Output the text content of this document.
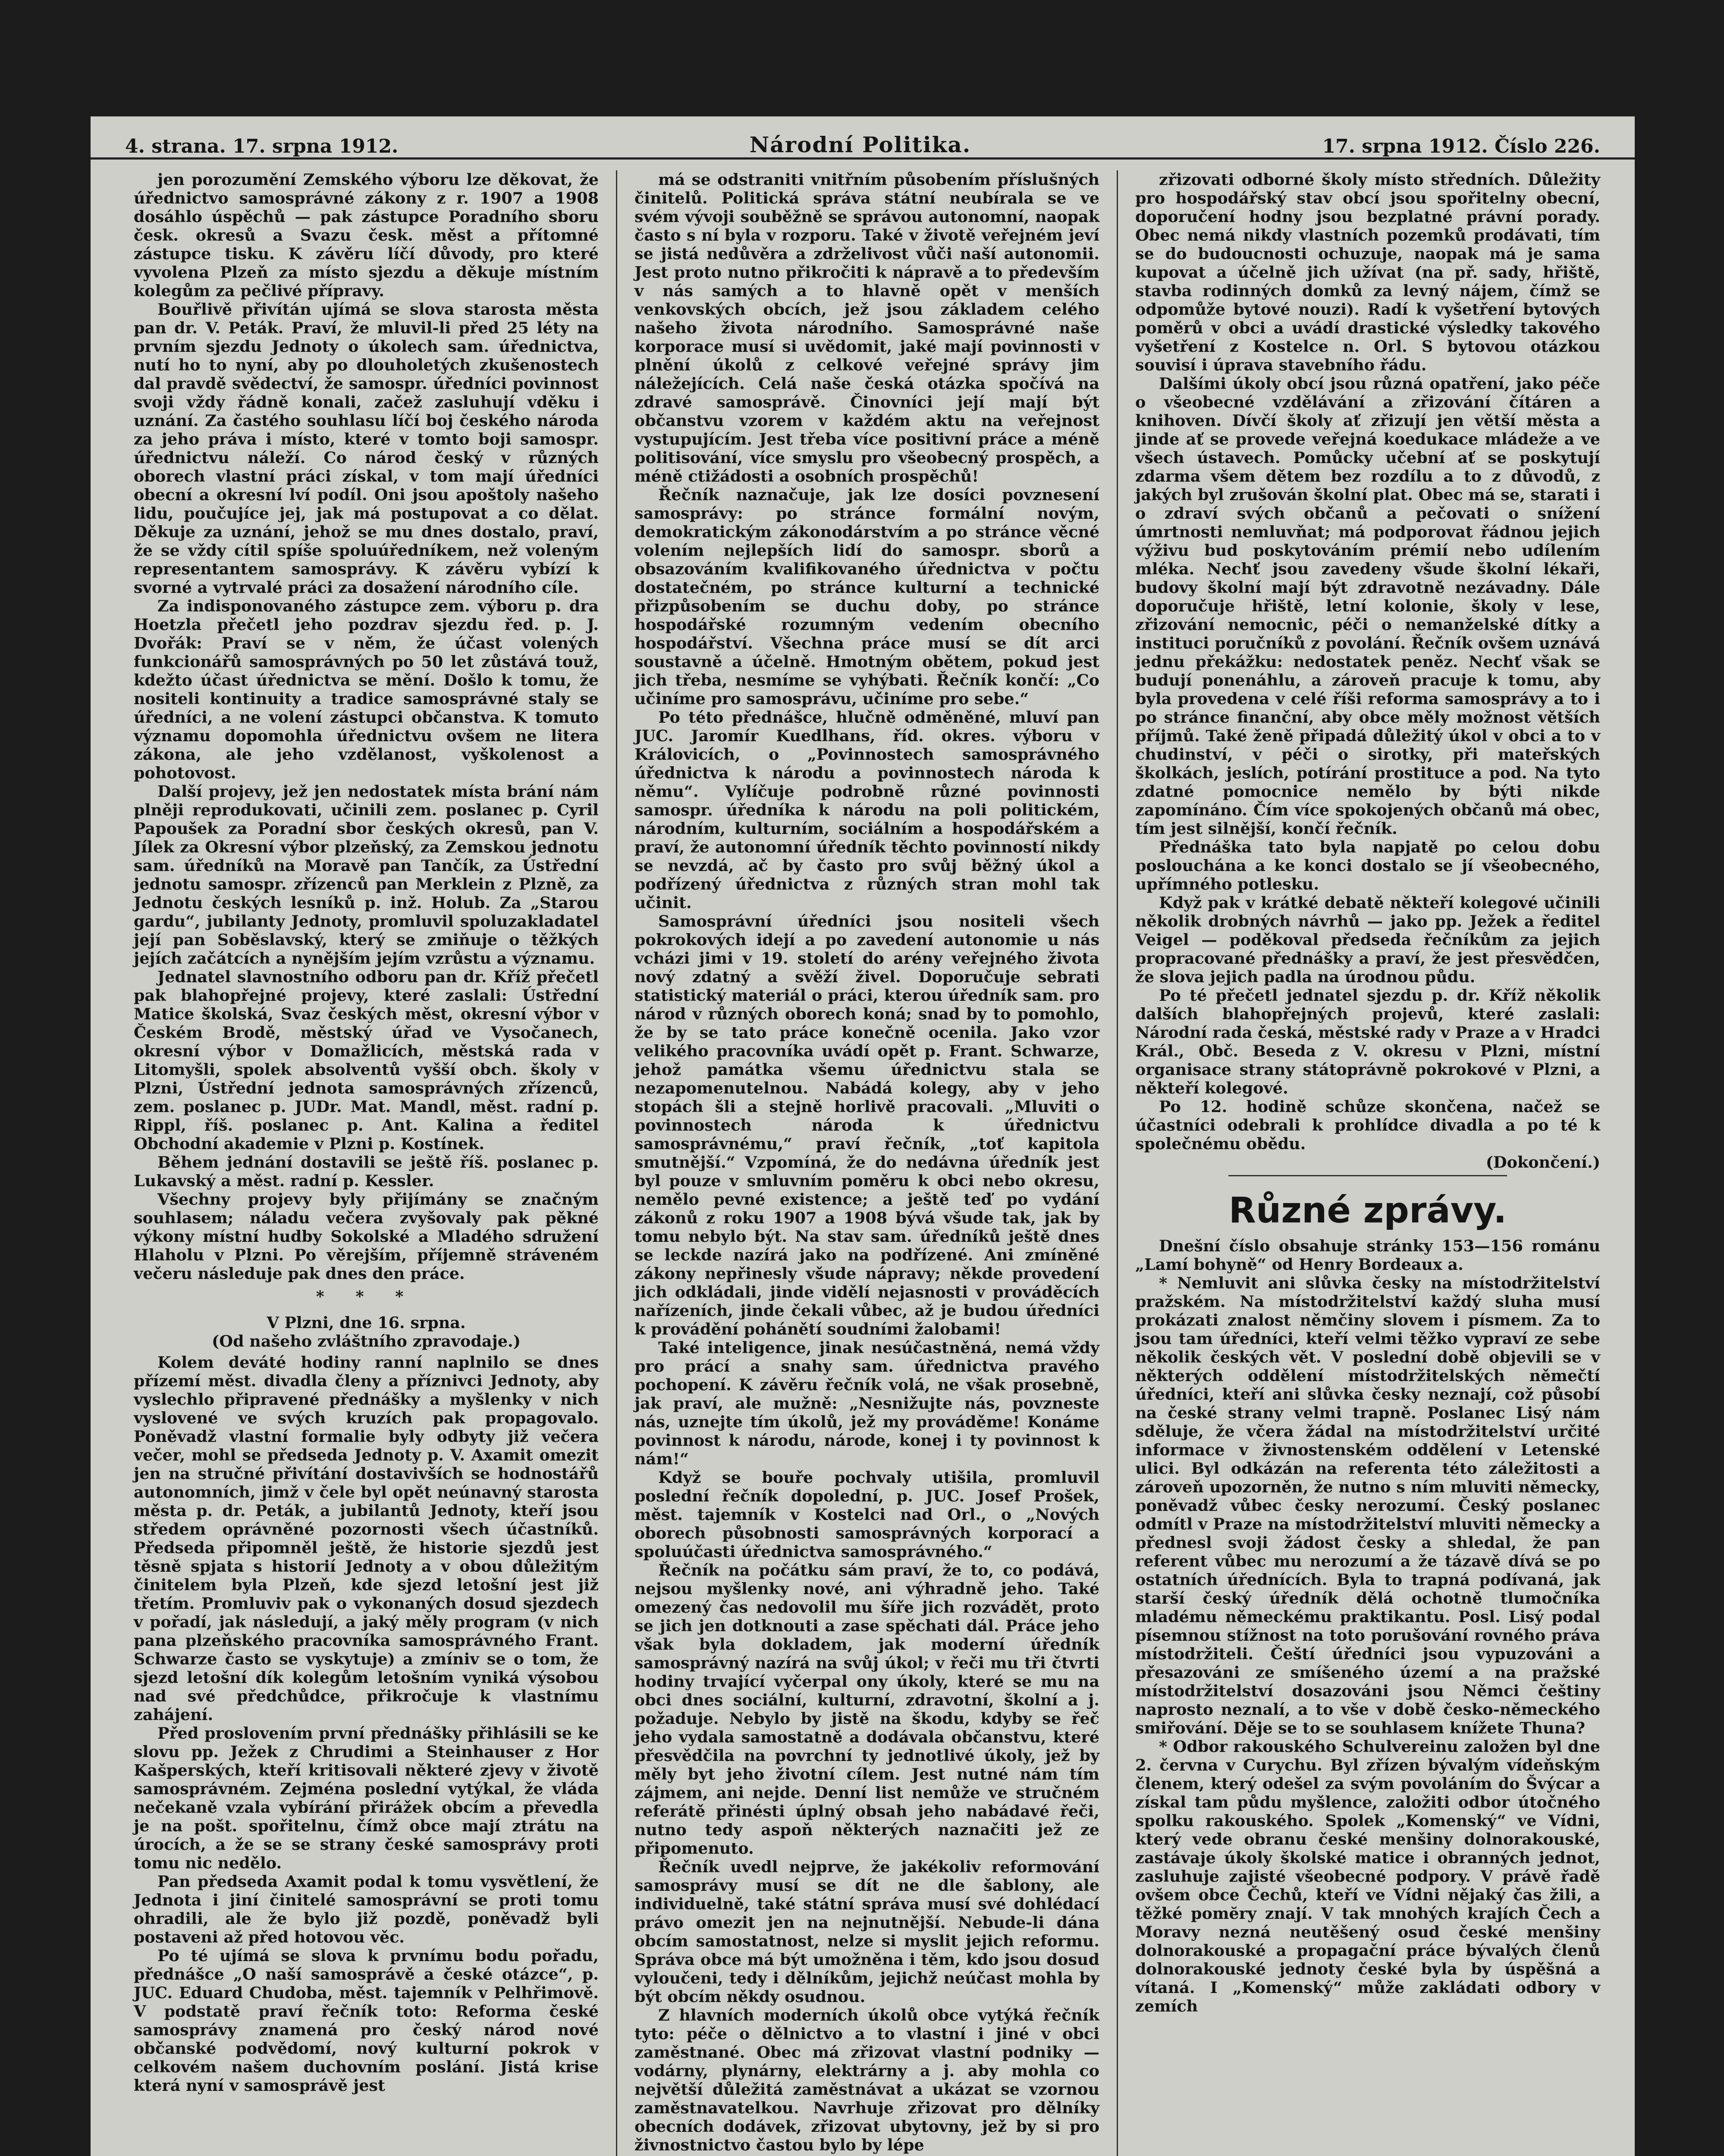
4. strana. 17. srpna 1912.	Národní Politika.	17. srpna 1912. Číslo 226.

jen porozumění Zemského výboru lze děkovat, že úřednictvo samosprávné zákony z r. 1907 a 1908 dosáhlo úspěchů — pak zástupce Poradního sboru česk. okresů a Svazu česk. měst a přítomné zástupce tisku. K závěru líčí důvody, pro které vyvolena Plzeň za místo sjezdu a děkuje místním kolegům za pečlivé přípravy.

Bouřlivě přivítán ujímá se slova starosta města pan dr. V. Peták. Praví, že mluvil-li před 25 léty na prvním sjezdu Jednoty o úkolech sam. úřednictva, nutí ho to nyní, aby po dlouholetých zkušenostech dal pravdě svědectví, že samospr. úředníci povinnost svoji vždy řádně konali, začež zasluhují vděku i uznání. Za častého souhlasu líčí boj českého národa za jeho práva i místo, které v tomto boji samospr. úřednictvu náleží. Co národ český v různých oborech vlastní práci získal, v tom mají úředníci obecní a okresní lví podíl. Oni jsou apoštoly našeho lidu, poučujíce jej, jak má postupovat a co dělat. Děkuje za uznání, jehož se mu dnes dostalo, praví, že se vždy cítil spíše spoluúředníkem, než voleným representantem samosprávy. K závěru vybízí k svorné a vytrvalé práci za dosažení národního cíle.

Za indisponovaného zástupce zem. výboru p. dra Hoetzla přečetl jeho pozdrav sjezdu řed. p. J. Dvořák: Praví se v něm, že účast volených funkcionářů samosprávných po 50 let zůstává touž, kdežto účast úřednictva se mění. Došlo k tomu, že nositeli kontinuity a tradice samosprávné staly se úředníci, a ne volení zástupci občanstva. K tomuto významu dopomohla úřednictvu ovšem ne litera zákona, ale jeho vzdělanost, vyškolenost a pohotovost.

Další projevy, jež jen nedostatek místa brání nám plněji reprodukovati, učinili zem. poslanec p. Cyril Papoušek za Poradní sbor českých okresů, pan V. Jílek za Okresní výbor plzeňský, za Zemskou jednotu sam. úředníků na Moravě pan Tančík, za Ústřední jednotu samospr. zřízenců pan Merklein z Plzně, za Jednotu českých lesníků p. inž. Holub. Za „Starou gardu“, jubilanty Jednoty, promluvil spoluzakladatel její pan Soběslavský, který se zmiňuje o těžkých jejích začátcích a nynějším jejím vzrůstu a významu.

Jednatel slavnostního odboru pan dr. Kříž přečetl pak blahopřejné projevy, které zaslali: Ústřední Matice školská, Svaz českých měst, okresní výbor v Českém Brodě, městský úřad ve Vysočanech, okresní výbor v Domažlicích, městská rada v Litomyšli, spolek absolventů vyšší obch. školy v Plzni, Ústřední jednota samosprávných zřízenců, zem. poslanec p. JUDr. Mat. Mandl, měst. radní p. Rippl, říš. poslanec p. Ant. Kalina a ředitel Obchodní akademie v Plzni p. Kostínek.

Během jednání dostavili se ještě říš. poslanec p. Lukavský a měst. radní p. Kessler.

Všechny projevy byly přijímány se značným souhlasem; náladu večera zvyšovaly pak pěkné výkony místní hudby Sokolské a Mladého sdružení Hlaholu v Plzni. Po věrejším, příjemně stráveném večeru následuje pak dnes den práce.

* * *

V Plzni, dne 16. srpna.

(Od našeho zvláštního zpravodaje.)

Kolem deváté hodiny ranní naplnilo se dnes přízemí měst. divadla členy a příznivci Jednoty, aby vyslechlo připravené přednášky a myšlenky v nich vyslovené ve svých kruzích pak propagovalo. Poněvadž vlastní formalie byly odbyty již večera večer, mohl se předseda Jednoty p. V. Axamit omezit jen na stručné přivítání dostavivších se hodnostářů autonomních, jimž v čele byl opět neúnavný starosta města p. dr. Peták, a jubilantů Jednoty, kteří jsou středem oprávněné pozornosti všech účastníků. Předseda připomněl ještě, že historie sjezdů jest těsně spjata s historií Jednoty a v obou důležitým činitelem byla Plzeň, kde sjezd letošní jest již třetím. Promluviv pak o vykonaných dosud sjezdech v pořadí, jak následují, a jaký měly program (v nich pana plzeňského pracovníka samosprávného Frant. Schwarze často se vyskytuje) a zmíniv se o tom, že sjezd letošní dík kolegům letošním vyniká výsobou nad své předchůdce, přikročuje k vlastnímu zahájení.

Před proslovením první přednášky přihlásili se ke slovu pp. Ježek z Chrudimi a Steinhauser z Hor Kašperských, kteří kritisovali některé zjevy v životě samosprávném. Zejména poslední vytýkal, že vláda nečekaně vzala vybírání přirážek obcím a převedla je na pošt. spořitelnu, čímž obce mají ztrátu na úrocích, a že se se strany české samosprávy proti tomu nic nedělo.

Pan předseda Axamit podal k tomu vysvětlení, že Jednota i jiní činitelé samosprávní se proti tomu ohradili, ale že bylo již pozdě, poněvadž byli postaveni až před hotovou věc.

Po té ujímá se slova k prvnímu bodu pořadu, přednášce „O naší samosprávě a české otázce“, p. JUC. Eduard Chudoba, měst. tajemník v Pelhřimově. V podstatě praví řečník toto: Reforma české samosprávy znamená pro český národ nové občanské podvědomí, nový kulturní pokrok v celkovém našem duchovním poslání. Jistá krise která nyní v samosprávě jest

má se odstraniti vnitřním působením příslušných činitelů. Politická správa státní neubírala se ve svém vývoji souběžně se správou autonomní, naopak často s ní byla v rozporu. Také v životě veřejném jeví se jistá nedůvěra a zdrželivost vůči naší autonomii. Jest proto nutno přikročiti k nápravě a to především v nás samých a to hlavně opět v menších venkovských obcích, jež jsou základem celého našeho života národního. Samosprávné naše korporace musí si uvědomit, jaké mají povinnosti v plnění úkolů z celkové veřejné správy jim náležejících. Celá naše česká otázka spočívá na zdravé samosprávě. Činovníci její mají být občanstvu vzorem v každém aktu na veřejnost vystupujícím. Jest třeba více positivní práce a méně politisování, více smyslu pro všeobecný prospěch, a méně ctižádosti a osobních prospěchů!

Řečník naznačuje, jak lze dosíci povznesení samosprávy: po stránce formální novým, demokratickým zákonodárstvím a po stránce věcné volením nejlepších lidí do samospr. sborů a obsazováním kvalifikovaného úřednictva v počtu dostatečném, po stránce kulturní a technické přizpůsobením se duchu doby, po stránce hospodářské rozumným vedením obecního hospodářství. Všechna práce musí se dít arci soustavně a účelně. Hmotným obětem, pokud jest jich třeba, nesmíme se vyhýbati. Řečník končí: „Co učiníme pro samosprávu, učiníme pro sebe.“

Po této přednášce, hlučně odměněné, mluví pan JUC. Jaromír Kuedlhans, říd. okres. výboru v Královicích, o „Povinnostech samosprávného úřednictva k národu a povinnostech národa k němu“. Vylíčuje podrobně různé povinnosti samospr. úředníka k národu na poli politickém, národním, kulturním, sociálním a hospodářském a praví, že autonomní úředník těchto povinností nikdy se nevzdá, ač by často pro svůj běžný úkol a podřízený úřednictva z různých stran mohl tak učinit.

Samosprávní úředníci jsou nositeli všech pokrokových idejí a po zavedení autonomie u nás vcházi jimi v 19. století do arény veřejného života nový zdatný a svěží živel. Doporučuje sebrati statistický materiál o práci, kterou úředník sam. pro národ v různých oborech koná; snad by to pomohlo, že by se tato práce konečně ocenila. Jako vzor velikého pracovníka uvádí opět p. Frant. Schwarze, jehož památka všemu úřednictvu stala se nezapomenutelnou. Nabádá kolegy, aby v jeho stopách šli a stejně horlivě pracovali. „Mluviti o povinnostech národa k úřednictvu samosprávnému,“ praví řečník, „toť kapitola smutnější.“ Vzpomíná, že do nedávna úředník jest byl pouze v smluvním poměru k obci nebo okresu, nemělo pevné existence; a ještě teď po vydání zákonů z roku 1907 a 1908 bývá všude tak, jak by tomu nebylo být. Na stav sam. úředníků ještě dnes se leckde nazírá jako na podřízené. Ani zmíněné zákony nepřinesly všude nápravy; někde provedení jich odkládali, jinde vidělí nejasnosti v prováděcích nařízeních, jinde čekali vůbec, až je budou úředníci k provádění pohánětí soudními žalobami!

Také inteligence, jinak nesúčastněná, nemá vždy pro prácí a snahy sam. úřednictva pravého pochopení. K závěru řečník volá, ne však prosebně, jak praví, ale mužně: „Nesnižujte nás, povzneste nás, uznejte tím úkolů, jež my prováděme! Konáme povinnost k národu, národe, konej i ty povinnost k nám!“

Když se bouře pochvaly utišila, promluvil poslední řečník dopolední, p. JUC. Josef Prošek, měst. tajemník v Kostelci nad Orl., o „Nových oborech působnosti samosprávných korporací a spoluúčasti úřednictva samosprávného.“

Řečník na počátku sám praví, že to, co podává, nejsou myšlenky nové, ani výhradně jeho. Také omezený čas nedovolil mu šíře jich rozvádět, proto se jich jen dotknouti a zase spěchati dál. Práce jeho však byla dokladem, jak moderní úředník samosprávný nazírá na svůj úkol; v řeči mu tři čtvrti hodiny trvající vyčerpal ony úkoly, které se mu na obci dnes sociální, kulturní, zdravotní, školní a j. požaduje. Nebylo by jistě na škodu, kdyby se řeč jeho vydala samostatně a dodávala občanstvu, které přesvědčila na povrchní ty jednotlivé úkoly, jež by měly byt jeho životní cílem. Jest nutné nám tím zájmem, ani nejde. Denní list nemůže ve stručném referátě přinésti úplný obsah jeho nabádavé řeči, nutno tedy aspoň některých naznačiti jež ze připomenuto.

Řečník uvedl nejprve, že jakékoliv reformování samosprávy musí se dít ne dle šablony, ale individuelně, také státní správa musí své dohlédací právo omezit jen na nejnutnější. Nebude-li dána obcím samostatnost, nelze si myslit jejich reformu. Správa obce má být umožněna i těm, kdo jsou dosud vyloučeni, tedy i dělníkům, jejichž neúčast mohla by být obcím někdy osudnou.

Z hlavních moderních úkolů obce vytýká řečník tyto: péče o dělnictvo a to vlastní i jiné v obci zaměstnané. Obec má zřizovat vlastní podniky — vodárny, plynárny, elektrárny a j. aby mohla co největší důležitá zaměstnávat a ukázat se vzornou zaměstnavatelkou. Navrhuje zřizovat pro dělníky obecních dodávek, zřizovat ubytovny, jež by si pro živnostnictvo častou bylo by lépe

zřizovati odborné školy místo středních. Důležity pro hospodářský stav obcí jsou spořitelny obecní, doporučení hodny jsou bezplatné právní porady. Obec nemá nikdy vlastních pozemků prodávati, tím se do budoucnosti ochuzuje, naopak má je sama kupovat a účelně jich užívat (na př. sady, hřiště, stavba rodinných domků za levný nájem, čímž se odpomůže bytové nouzi). Radí k vyšetření bytových poměrů v obci a uvádí drastické výsledky takového vyšetření z Kostelce n. Orl. S bytovou otázkou souvisí i úprava stavebního řádu.

Dalšími úkoly obcí jsou různá opatření, jako péče o všeobecné vzdělávání a zřizování čítáren a knihoven. Dívčí školy ať zřizují jen větší města a jinde ať se provede veřejná koedukace mládeže a ve všech ústavech. Pomůcky učební ať se poskytují zdarma všem dětem bez rozdílu a to z důvodů, z jakých byl zrušován školní plat. Obec má se, starati i o zdraví svých občanů a pečovati o snížení úmrtnosti nemluvňat; má podporovat řádnou jejich výživu bud poskytováním prémií nebo udílením mléka. Nechť jsou zavedeny všude školní lékaři, budovy školní mají být zdravotně nezávadny. Dále doporučuje hřiště, letní kolonie, školy v lese, zřizování nemocnic, péči o nemanželské dítky a instituci poručníků z povolání. Řečník ovšem uznává jednu překážku: nedostatek peněz. Nechť však se budují ponenáhlu, a zároveň pracuje k tomu, aby byla provedena v celé říši reforma samosprávy a to i po stránce finanční, aby obce měly možnost větších příjmů. Také ženě připadá důležitý úkol v obci a to v chudinství, v péči o sirotky, při mateřských školkách, jeslích, potírání prostituce a pod. Na tyto zdatné pomocnice nemělo by býti nikde zapomínáno. Čím více spokojených občanů má obec, tím jest silnější, končí řečník.

Přednáška tato byla napjatě po celou dobu poslouchána a ke konci dostalo se jí všeobecného, upřímného potlesku.

Když pak v krátké debatě někteří kolegové učinili několik drobných návrhů — jako pp. Ježek a ředitel Veigel — poděkoval předseda řečníkům za jejich propracované přednášky a praví, že jest přesvědčen, že slova jejich padla na úrodnou půdu.

Po té přečetl jednatel sjezdu p. dr. Kříž několik dalších blahopřejných projevů, které zaslali: Národní rada česká, městské rady v Praze a v Hradci Král., Obč. Beseda z V. okresu v Plzni, místní organisace strany státoprávně pokrokové v Plzni, a někteří kolegové.

Po 12. hodině schůze skončena, načež se účastníci odebrali k prohlídce divadla a po té k společnému obědu.

(Dokončení.)

Různé zprávy.

Dnešní číslo obsahuje stránky 153—156 románu „Lamí bohyně“ od Henry Bordeaux a.

* Nemluvit ani slůvka česky na místodržitelství pražském. Na místodržitelství každý sluha musí prokázati znalost němčiny slovem i písmem. Za to jsou tam úředníci, kteří velmi těžko vypraví ze sebe několik českých vět. V poslední době objevili se v některých oddělení místodržitelských němečtí úředníci, kteří ani slůvka česky neznají, což působí na české strany velmi trapně. Poslanec Lisý nám sděluje, že včera žádal na místodržitelství určité informace v živnostenském oddělení v Letenské ulici. Byl odkázán na referenta této záležitosti a zároveň upozorněn, že nutno s ním mluviti německy, poněvadž vůbec česky nerozumí. Český poslanec odmítl v Praze na místodržitelství mluviti německy a přednesl svoji žádost česky a shledal, že pan referent vůbec mu nerozumí a že tázavě dívá se po ostatních úřednících. Byla to trapná podívaná, jak starší český úředník dělá ochotně tlumočníka mladému německému praktikantu. Posl. Lisý podal písemnou stížnost na toto porušování rovného práva místodržiteli. Čeští úředníci jsou vypuzováni a přesazováni ze smíšeného území a na pražské místodržitelství dosazováni jsou Němci češtiny naprosto neznalí, a to vše v době česko-německého smiřování. Děje se to se souhlasem knížete Thuna?

* Odbor rakouského Schulvereinu založen byl dne 2. června v Curychu. Byl zřízen bývalým vídeňským členem, který odešel za svým povoláním do Švýcar a získal tam půdu myšlence, založiti odbor útočného spolku rakouského. Spolek „Komenský“ ve Vídni, který vede obranu české menšiny dolnorakouské, zastávaje úkoly školské matice i obranných jednot, zasluhuje zajisté všeobecné podpory. V právě řadě ovšem obce Čechů, kteří ve Vídni nějaký čas žili, a těžké pomĕry znají. V tak mnohých krajích Čech a Moravy nezná neutěšený osud české menšiny dolnorakouské a propagační práce bývalých členů dolnorakouské jednoty české byla by úspěšná a vítaná. I „Komenský“ může zakládati odbory v zemích
